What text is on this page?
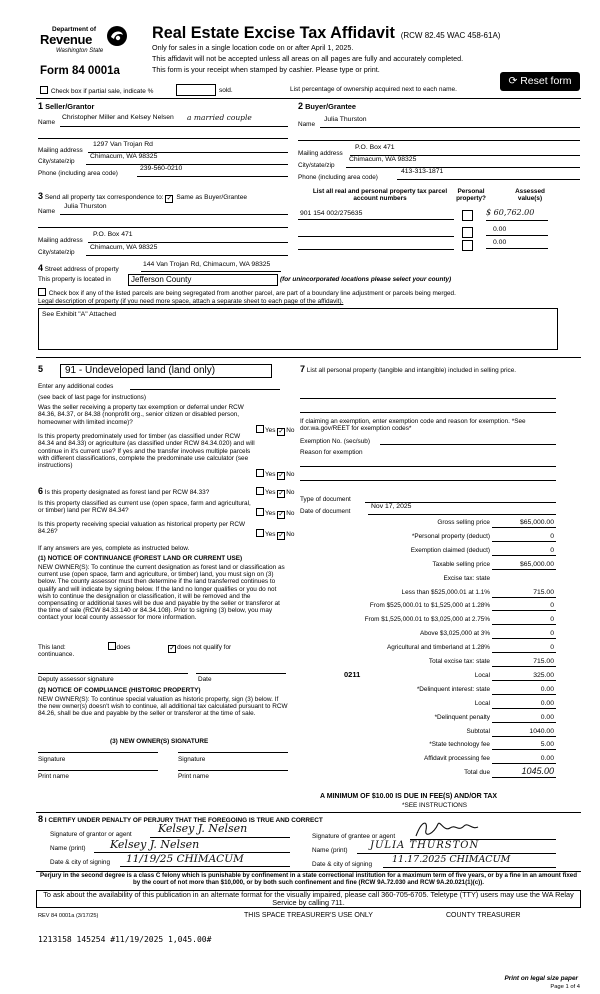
Department of
Revenue
Washington State
Form 84 0001a
Real Estate Excise Tax Affidavit (RCW 82.45 WAC 458-61A)
Only for sales in a single location code on or after April 1, 2025.
This affidavit will not be accepted unless all areas on all pages are fully and accurately completed.
This form is your receipt when stamped by cashier. Please type or print.
⟳ Reset form
Check box if partial sale, indicate %	sold.	List percentage of ownership acquired next to each name.
1 Seller/Grantor
Name
Christopher Miller and Kelsey Nelsen a married couple
Mailing address
1297 Van Trojan Rd
City/state/zip
Chimacum, WA 98325
Phone (including area code)
239-560-0210
2 Buyer/Grantee
Name
Julia Thurston
Mailing address
P.O. Box 471
City/state/zip
Chimacum, WA 98325
Phone (including area code)
413-313-1871
3 Send all property tax correspondence to: ✓ Same as Buyer/Grantee
Name
Julia Thurston
Mailing address
P.O. Box 471
City/state/zip
Chimacum, WA 98325
List all real and personal property tax parcel account numbers
Personal property?
Assessed value(s)
901 154 002/275635	$ 60,762.00
0.00
0.00
4 Street address of property
144 Van Trojan Rd, Chimacum, WA 98325
This property is located in	Jefferson County	(for unincorporated locations please select your county)
Check box if any of the listed parcels are being segregated from another parcel, are part of a boundary line adjustment or parcels being merged.
Legal description of property (if you need more space, attach a separate sheet to each page of the affidavit).
See Exhibit "A" Attached
5 91 - Undeveloped land (land only)
Enter any additional codes
(see back of last page for instructions)
Was the seller receiving a property tax exemption or deferral under RCW 84.36, 84.37, or 84.38 (nonprofit org., senior citizen or disabled person, homeowner with limited income)?
Yes ✓ No
Is this property predominately used for timber (as classified under RCW 84.34 and 84.33) or agriculture (as classified under RCW 84.34.020) and will continue in it's current use? If yes and the transfer involves multiple parcels with different classifications, complete the predominate use calculator (see instructions)
Yes ✓ No
6 Is this property designated as forest land per RCW 84.33?	Yes ✓ No
Is this property classified as current use (open space, farm and agricultural, or timber) land per RCW 84.34?	Yes ✓ No
Is this property receiving special valuation as historical property per RCW 84.26?	Yes ✓ No
If any answers are yes, complete as instructed below.
(1) NOTICE OF CONTINUANCE (FOREST LAND OR CURRENT USE)
NEW OWNER(S): To continue the current designation as forest land or classification as current use (open space, farm and agriculture, or timber) land, you must sign on (3) below. The county assessor must then determine if the land transferred continues to qualify and will indicate by signing below. If the land no longer qualifies or you do not wish to continue the designation or classification, it will be removed and the compensating or additional taxes will be due and payable by the seller or transferor at the time of sale (RCW 84.33.140 or 84.34.108). Prior to signing (3) below, you may contact your local county assessor for more information.
This land:	does ✓	does not qualify for
continuance.
Deputy assessor signature	Date
(2) NOTICE OF COMPLIANCE (HISTORIC PROPERTY)
NEW OWNER(S): To continue special valuation as historic property, sign (3) below. If the new owner(s) doesn't wish to continue, all additional tax calculated pursuant to RCW 84.26, shall be due and payable by the seller or transferor at the time of sale.
(3) NEW OWNER(S) SIGNATURE
Signature	Signature
Print name	Print name
7 List all personal property (tangible and intangible) included in selling price.
If claiming an exemption, enter exemption code and reason for exemption. *See dor.wa.gov/REET for exemption codes*
Exemption No. (sec/sub)
Reason for exemption
Type of document
Date of document
Nov 17, 2025
Gross selling price	$65,000.00
*Personal property (deduct)	0
Exemption claimed (deduct)	0
Taxable selling price	$65,000.00
Excise tax: state
Less than $525,000.01 at 1.1%	715.00
From $525,000.01 to $1,525,000 at 1.28%	0
From $1,525,000.01 to $3,025,000 at 2.75%	0
Above $3,025,000 at 3%	0
Agricultural and timberland at 1.28%	0
Total excise tax: state	715.00
Local
0211	325.00
*Delinquent interest: state	0.00
Local	0.00
*Delinquent penalty	0.00
Subtotal	1040.00
*State technology fee	5.00
Affidavit processing fee	0.00
Total due	1045.00
A MINIMUM OF $10.00 IS DUE IN FEE(S) AND/OR TAX
*SEE INSTRUCTIONS
8 I CERTIFY UNDER PENALTY OF PERJURY THAT THE FOREGOING IS TRUE AND CORRECT
Signature of grantor or agent Kelsey J. Nelsen
Name (print) Kelsey J. Nelsen
Date & city of signing 11/19/25 CHIMACUM
Signature of grantee or agent
Name (print) JULIA THURSTON
Date & city of signing 11.17.2025 CHIMACUM
Perjury in the second degree is a class C felony which is punishable by confinement in a state correctional institution for a maximum term of five years, or by a fine in an amount fixed by the court of not more than $10,000, or by both such confinement and fine (RCW 9A.72.030 and RCW 9A.20.021(1)(c)).
To ask about the availability of this publication in an alternate format for the visually impaired, please call 360-705-6705. Teletype (TTY) users may use the WA Relay Service by calling 711.
REV 84 0001a (3/17/25)	THIS SPACE TREASURER'S USE ONLY	COUNTY TREASURER
1213158 145254 #11/19/2025 1,045.00#
Print on legal size paper
Page 1 of 4
